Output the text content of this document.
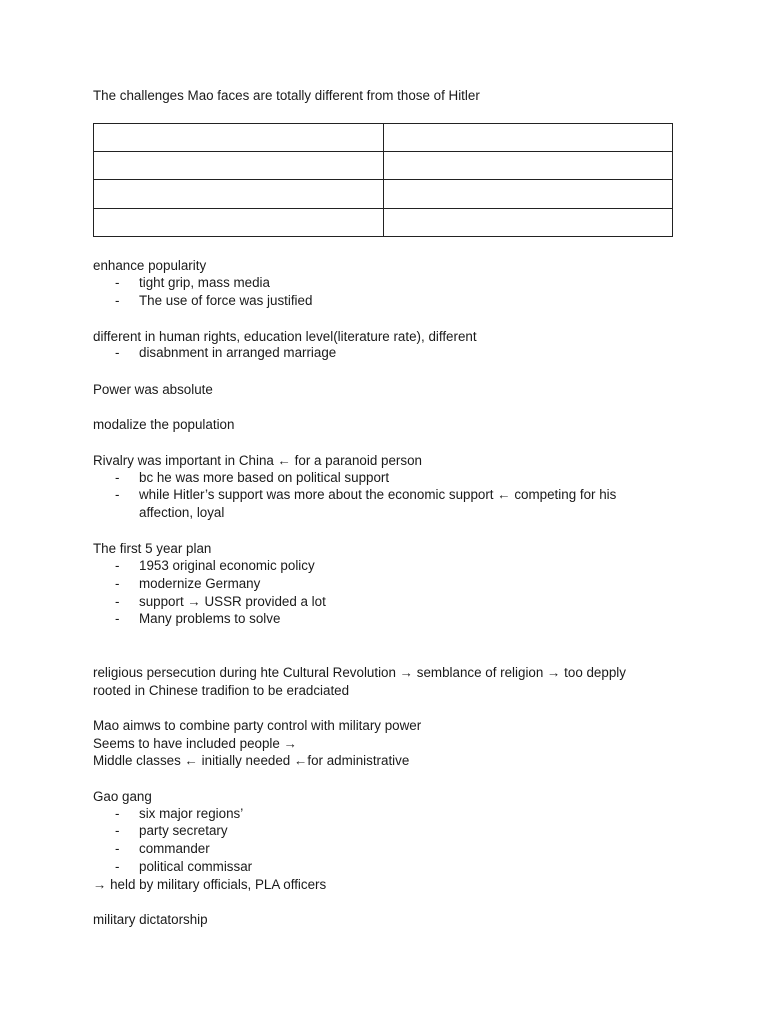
The challenges Mao faces are totally different from those of Hitler

enhance popularity
- tight grip, mass media
- The use of force was justified
different in human rights, education level(literature rate), different
- disabnment in arranged marriage
Power was absolute
modalize the population
Rivalry was important in China ← for a paranoid person
- bc he was more based on political support
- while Hitler’s support was more about the economic support ← competing for his affection, loyal
The first 5 year plan
- 1953 original economic policy
- modernize Germany
- support → USSR provided a lot
- Many problems to solve
religious persecution during hte Cultural Revolution → semblance of religion → too depply
rooted in Chinese tradifion to be eradciated
Mao aimws to combine party control with military power
Seems to have included people →
Middle classes ← initially needed ←for administrative
Gao gang
- six major regions’
- party secretary
- commander
- political commissar
→ held by military officials, PLA officers
military dictatorship
